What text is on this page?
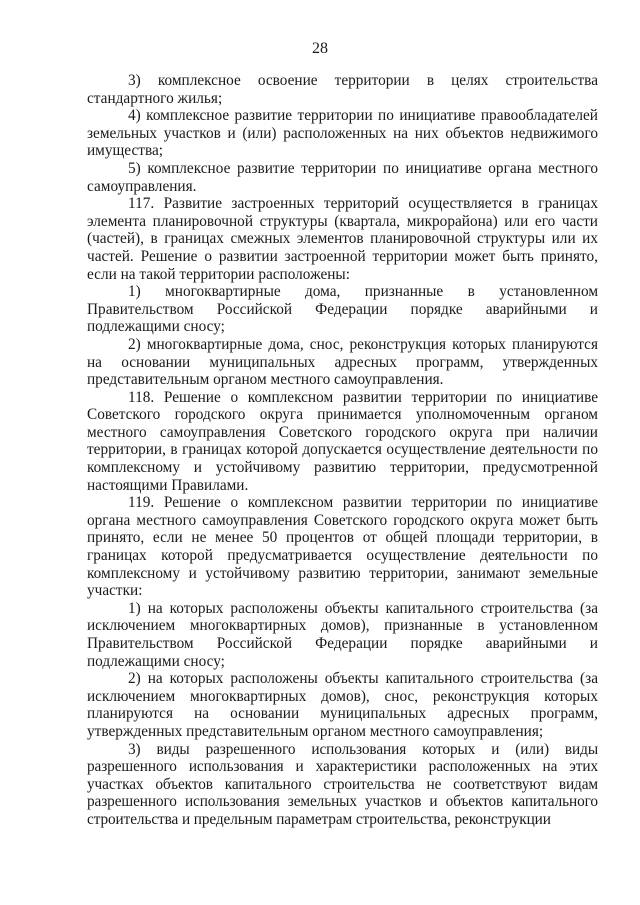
28

3) комплексное освоение территории в целях строительства стандартного жилья;

4) комплексное развитие территории по инициативе правообладателей земельных участков и (или) расположенных на них объектов недвижимого имущества;

5) комплексное развитие территории по инициативе органа местного самоуправления.

117. Развитие застроенных территорий осуществляется в границах элемента планировочной структуры (квартала, микрорайона) или его части (частей), в границах смежных элементов планировочной структуры или их частей. Решение о развитии застроенной территории может быть принято, если на такой территории расположены:

1) многоквартирные дома, признанные в установленном Правительством Российской Федерации порядке аварийными и подлежащими сносу;

2) многоквартирные дома, снос, реконструкция которых планируются на основании муниципальных адресных программ, утвержденных представительным органом местного самоуправления.

118. Решение о комплексном развитии территории по инициативе Советского городского округа принимается уполномоченным органом местного самоуправления Советского городского округа при наличии территории, в границах которой допускается осуществление деятельности по комплексному и устойчивому развитию территории, предусмотренной настоящими Правилами.

119. Решение о комплексном развитии территории по инициативе органа местного самоуправления Советского городского округа может быть принято, если не менее 50 процентов от общей площади территории, в границах которой предусматривается осуществление деятельности по комплексному и устойчивому развитию территории, занимают земельные участки:

1) на которых расположены объекты капитального строительства (за исключением многоквартирных домов), признанные в установленном Правительством Российской Федерации порядке аварийными и подлежащими сносу;

2) на которых расположены объекты капитального строительства (за исключением многоквартирных домов), снос, реконструкция которых планируются на основании муниципальных адресных программ, утвержденных представительным органом местного самоуправления;

3) виды разрешенного использования которых и (или) виды разрешенного использования и характеристики расположенных на этих участках объектов капитального строительства не соответствуют видам разрешенного использования земельных участков и объектов капитального строительства и предельным параметрам строительства, реконструкции
